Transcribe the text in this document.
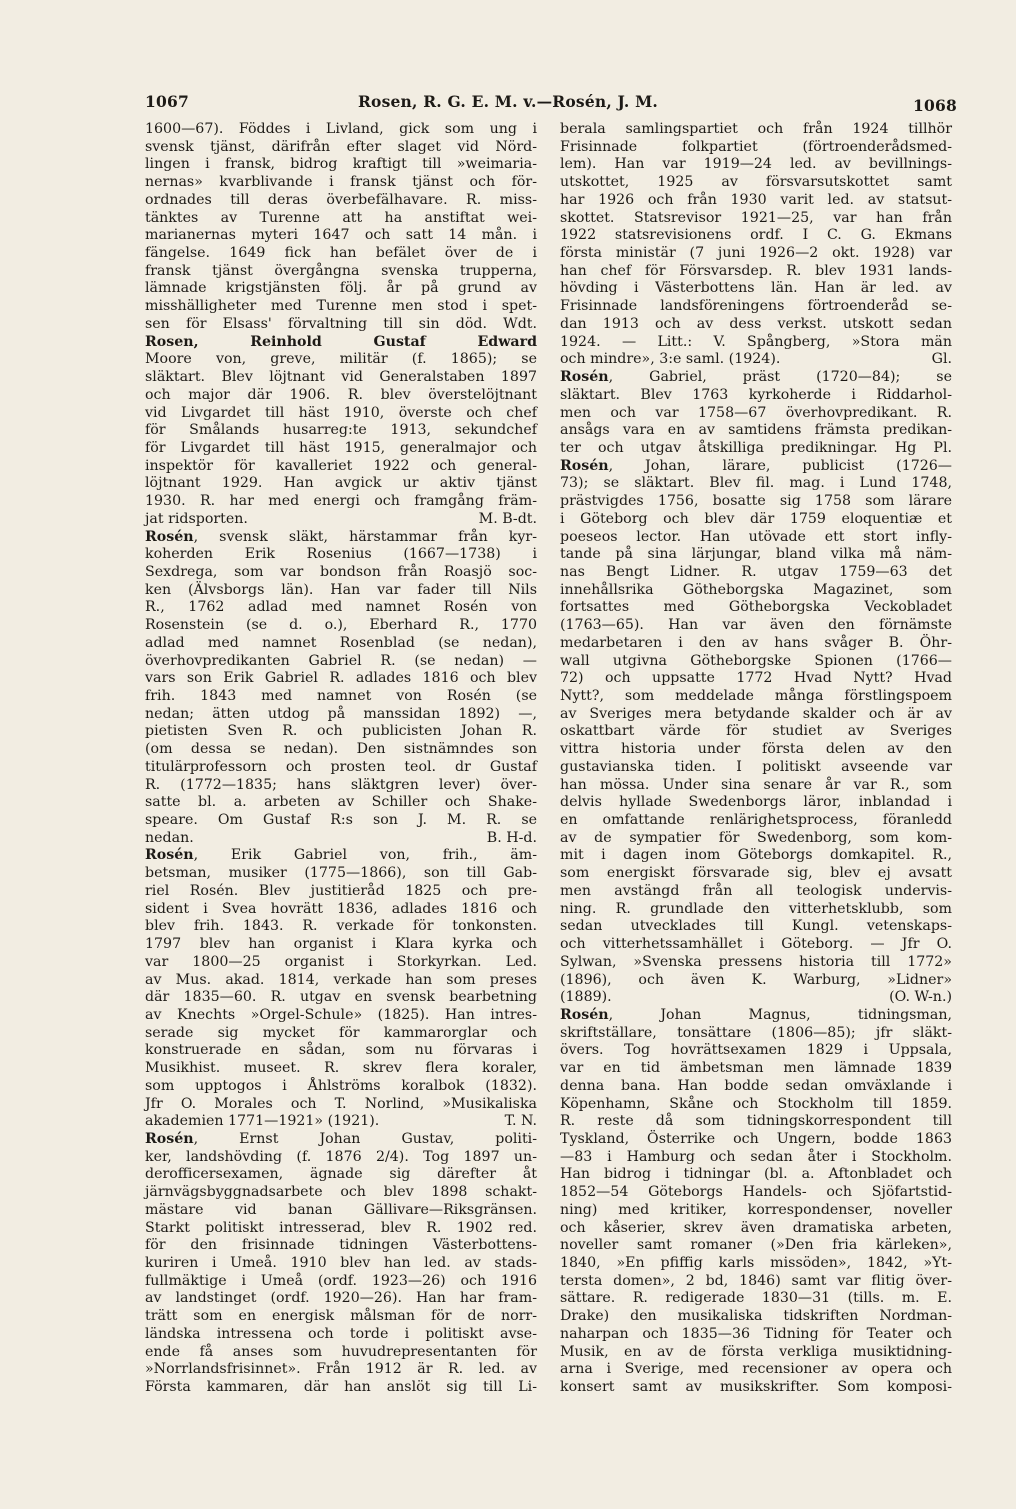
1067	Rosen, R. G. E. M. v.—Rosén, J. M.	1068
1600—67). Föddes i Livland, gick som ung i
svensk tjänst, därifrån efter slaget vid Nörd-
lingen i fransk, bidrog kraftigt till »weimaria-
nernas» kvarblivande i fransk tjänst och för-
ordnades till deras överbefälhavare. R. miss-
tänktes av Turenne att ha anstiftat wei-
marianernas myteri 1647 och satt 14 mån. i
fängelse. 1649 fick han befälet över de i
fransk tjänst övergångna svenska trupperna,
lämnade krigstjänsten följ. år på grund av
misshälligheter med Turenne men stod i spet-
sen för Elsass' förvaltning till sin död. Wdt.
Rosen, Reinhold Gustaf Edward
Moore von, greve, militär (f. 1865); se
släktart. Blev löjtnant vid Generalstaben 1897
och major där 1906. R. blev överstelöjtnant
vid Livgardet till häst 1910, överste och chef
för Smålands husarreg:te 1913, sekundchef
för Livgardet till häst 1915, generalmajor och
inspektör för kavalleriet 1922 och general-
löjtnant 1929. Han avgick ur aktiv tjänst
1930. R. har med energi och framgång främ-
jat ridsporten.	M. B-dt.
Rosén, svensk släkt, härstammar från kyr-
koherden Erik Rosenius (1667—1738) i
Sexdrega, som var bondson från Roasjö soc-
ken (Älvsborgs län). Han var fader till Nils
R., 1762 adlad med namnet Rosén von
Rosenstein (se d. o.), Eberhard R., 1770
adlad med namnet Rosenblad (se nedan),
överhovpredikanten Gabriel R. (se nedan) —
vars son Erik Gabriel R. adlades 1816 och blev
frih. 1843 med namnet von Rosén (se
nedan; ätten utdog på manssidan 1892) —,
pietisten Sven R. och publicisten Johan R.
(om dessa se nedan). Den sistnämndes son
titulärprofessorn och prosten teol. dr Gustaf
R. (1772—1835; hans släktgren lever) över-
satte bl. a. arbeten av Schiller och Shake-
speare. Om Gustaf R:s son J. M. R. se
nedan.	B. H-d.
Rosén, Erik Gabriel von, frih., äm-
betsman, musiker (1775—1866), son till Gab-
riel Rosén. Blev justitieråd 1825 och pre-
sident i Svea hovrätt 1836, adlades 1816 och
blev frih. 1843. R. verkade för tonkonsten.
1797 blev han organist i Klara kyrka och
var 1800—25 organist i Storkyrkan. Led.
av Mus. akad. 1814, verkade han som preses
där 1835—60. R. utgav en svensk bearbetning
av Knechts »Orgel-Schule» (1825). Han intres-
serade sig mycket för kammarorglar och
konstruerade en sådan, som nu förvaras i
Musikhist. museet. R. skrev flera koraler,
som upptogos i Åhlströms koralbok (1832).
Jfr O. Morales och T. Norlind, »Musikaliska
akademien 1771—1921» (1921).	T. N.
Rosén, Ernst Johan Gustav, politi-
ker, landshövding (f. 1876 2/4). Tog 1897 un-
derofficersexamen, ägnade sig därefter åt
järnvägsbyggnadsarbete och blev 1898 schakt-
mästare vid banan Gällivare—Riksgränsen.
Starkt politiskt intresserad, blev R. 1902 red.
för den frisinnade tidningen Västerbottens-
kuriren i Umeå. 1910 blev han led. av stads-
fullmäktige i Umeå (ordf. 1923—26) och 1916
av landstinget (ordf. 1920—26). Han har fram-
trätt som en energisk målsman för de norr-
ländska intressena och torde i politiskt avse-
ende få anses som huvudrepresentanten för
»Norrlandsfrisinnet». Från 1912 är R. led. av
Första kammaren, där han anslöt sig till Li-
berala samlingspartiet och från 1924 tillhör
Frisinnade folkpartiet (förtroenderådsmed-
lem). Han var 1919—24 led. av bevillnings-
utskottet, 1925 av försvarsutskottet samt
har 1926 och från 1930 varit led. av statsut-
skottet. Statsrevisor 1921—25, var han från
1922 statsrevisionens ordf. I C. G. Ekmans
första ministär (7 juni 1926—2 okt. 1928) var
han chef för Försvarsdep. R. blev 1931 lands-
hövding i Västerbottens län. Han är led. av
Frisinnade landsföreningens förtroenderåd se-
dan 1913 och av dess verkst. utskott sedan
1924. — Litt.: V. Spångberg, »Stora män
och mindre», 3:e saml. (1924).	Gl.
Rosén, Gabriel, präst (1720—84); se
släktart. Blev 1763 kyrkoherde i Riddarhol-
men och var 1758—67 överhovpredikant. R.
ansågs vara en av samtidens främsta predikan-
ter och utgav åtskilliga predikningar. Hg Pl.
Rosén, Johan, lärare, publicist (1726—
73); se släktart. Blev fil. mag. i Lund 1748,
prästvigdes 1756, bosatte sig 1758 som lärare
i Göteborg och blev där 1759 eloquentiæ et
poeseos lector. Han utövade ett stort infly-
tande på sina lärjungar, bland vilka må näm-
nas Bengt Lidner. R. utgav 1759—63 det
innehållsrika Götheborgska Magazinet, som
fortsattes med Götheborgska Veckobladet
(1763—65). Han var även den förnämste
medarbetaren i den av hans svåger B. Öhr-
wall utgivna Götheborgske Spionen (1766—
72) och uppsatte 1772 Hvad Nytt? Hvad
Nytt?, som meddelade många förstlingspoem
av Sveriges mera betydande skalder och är av
oskattbart värde för studiet av Sveriges
vittra historia under första delen av den
gustavianska tiden. I politiskt avseende var
han mössa. Under sina senare år var R., som
delvis hyllade Swedenborgs läror, inblandad i
en omfattande renlärighetsprocess, föranledd
av de sympatier för Swedenborg, som kom-
mit i dagen inom Göteborgs domkapitel. R.,
som energiskt försvarade sig, blev ej avsatt
men avstängd från all teologisk undervis-
ning. R. grundlade den vitterhetsklubb, som
sedan utvecklades till Kungl. vetenskaps-
och vitterhetssamhället i Göteborg. — Jfr O.
Sylwan, »Svenska pressens historia till 1772»
(1896), och även K. Warburg, »Lidner»
(1889).	(O. W-n.)
Rosén, Johan Magnus, tidningsman,
skriftställare, tonsättare (1806—85); jfr släkt-
övers. Tog hovrättsexamen 1829 i Uppsala,
var en tid ämbetsman men lämnade 1839
denna bana. Han bodde sedan omväxlande i
Köpenhamn, Skåne och Stockholm till 1859.
R. reste då som tidningskorrespondent till
Tyskland, Österrike och Ungern, bodde 1863
—83 i Hamburg och sedan åter i Stockholm.
Han bidrog i tidningar (bl. a. Aftonbladet och
1852—54 Göteborgs Handels- och Sjöfartstid-
ning) med kritiker, korrespondenser, noveller
och kåserier, skrev även dramatiska arbeten,
noveller samt romaner (»Den fria kärleken»,
1840, »En pfiffig karls missöden», 1842, »Yt-
tersta domen», 2 bd, 1846) samt var flitig över-
sättare. R. redigerade 1830—31 (tills. m. E.
Drake) den musikaliska tidskriften Nordman-
naharpan och 1835—36 Tidning för Teater och
Musik, en av de första verkliga musiktidning-
arna i Sverige, med recensioner av opera och
konsert samt av musikskrifter. Som komposi-
